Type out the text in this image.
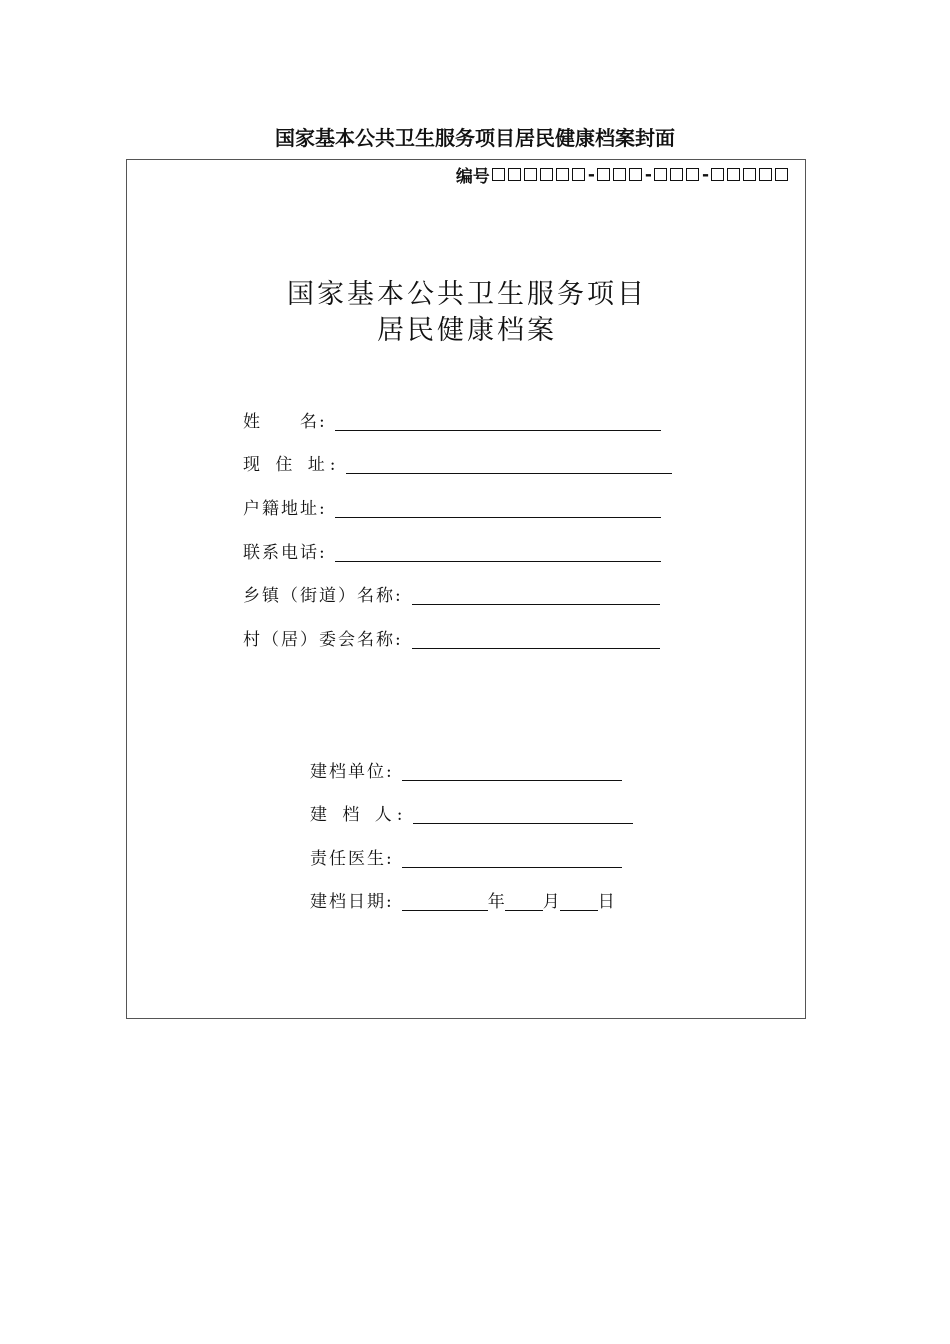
国家基本公共卫生服务项目居民健康档案封面
编号	-	-	-
国家基本公共卫生服务项目
居民健康档案
姓　　名:
现 住 址:
户籍地址:
联系电话:
乡镇（街道）名称:
村（居）委会名称:
建档单位:
建 档 人:
责任医生:
建档日期:	年 月 日
